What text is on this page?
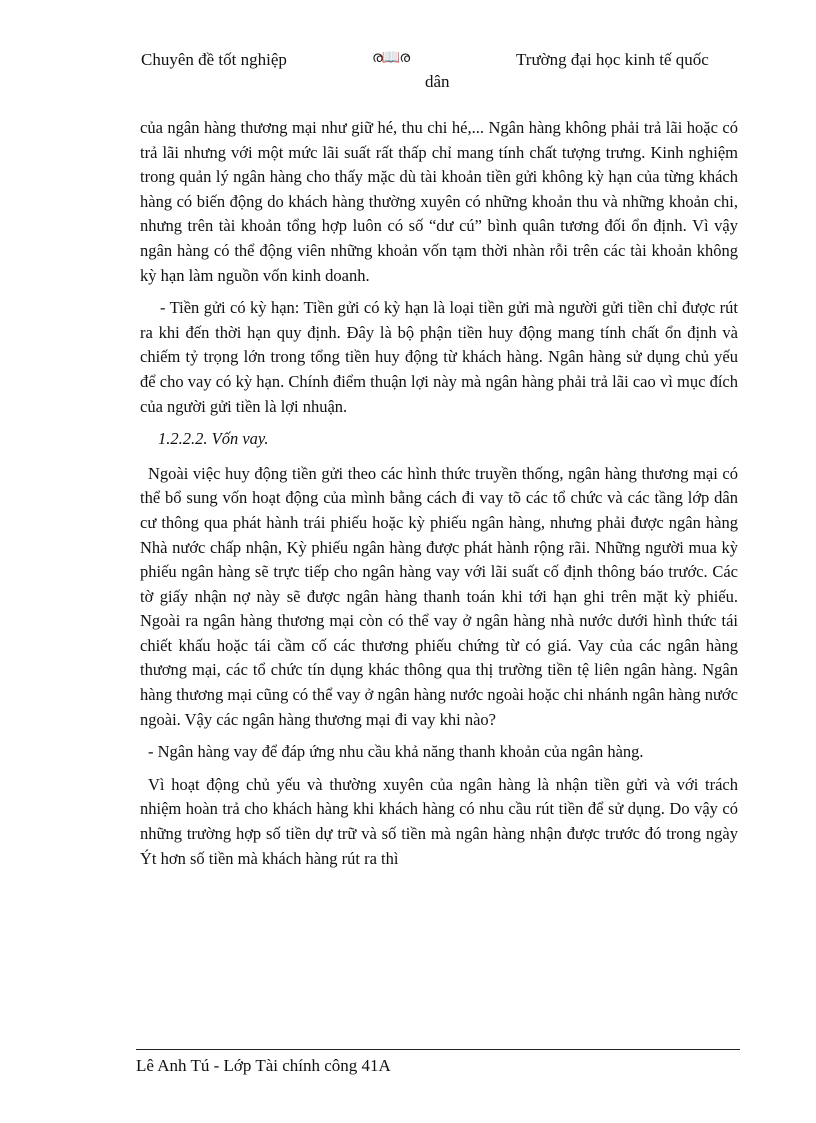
Chuyên đề tốt nghiệp	ര📖ര	Trường đại học kinh tế quốc
dân

của ngân hàng thương mại như giữ hé, thu chi hé,... Ngân hàng không phải trả lãi hoặc có trả lãi nhưng với một mức lãi suất rất thấp chỉ mang tính chất tượng trưng. Kinh nghiệm trong quản lý ngân hàng cho thấy mặc dù tài khoản tiền gửi không kỳ hạn của từng khách hàng có biến động do khách hàng thường xuyên có những khoản thu và những khoản chi, nhưng trên tài khoản tổng hợp luôn có số “dư cú” bình quân tương đối ổn định. Vì vậy ngân hàng có thể động viên những khoản vốn tạm thời nhàn rỗi trên các tài khoản không kỳ hạn làm nguồn vốn kinh doanh.

- Tiền gửi có kỳ hạn: Tiền gửi có kỳ hạn là loại tiền gửi mà người gửi tiền chỉ được rút ra khi đến thời hạn quy định. Đây là bộ phận tiền huy động mang tính chất ổn định và chiếm tỷ trọng lớn trong tổng tiền huy động từ khách hàng. Ngân hàng sử dụng chủ yếu để cho vay có kỳ hạn. Chính điểm thuận lợi này mà ngân hàng phải trả lãi cao vì mục đích của người gửi tiền là lợi nhuận.

1.2.2.2. Vốn vay.

Ngoài việc huy động tiền gửi theo các hình thức truyền thống, ngân hàng thương mại có thể bổ sung vốn hoạt động của mình bằng cách đi vay tõ các tổ chức và các tầng lớp dân cư thông qua phát hành trái phiếu hoặc kỳ phiếu ngân hàng, nhưng phải được ngân hàng Nhà nước chấp nhận, Kỳ phiếu ngân hàng được phát hành rộng rãi. Những người mua kỳ phiếu ngân hàng sẽ trực tiếp cho ngân hàng vay với lãi suất cố định thông báo trước. Các tờ giấy nhận nợ này sẽ được ngân hàng thanh toán khi tới hạn ghi trên mặt kỳ phiếu. Ngoài ra ngân hàng thương mại còn có thể vay ở ngân hàng nhà nước dưới hình thức tái chiết khấu hoặc tái cầm cố các thương phiếu chứng từ có giá. Vay của các ngân hàng thương mại, các tổ chức tín dụng khác thông qua thị trường tiền tệ liên ngân hàng. Ngân hàng thương mại cũng có thể vay ở ngân hàng nước ngoài hoặc chi nhánh ngân hàng nước ngoài. Vậy các ngân hàng thương mại đi vay khi nào?

- Ngân hàng vay để đáp ứng nhu cầu khả năng thanh khoản của ngân hàng.

Vì hoạt động chủ yếu và thường xuyên của ngân hàng là nhận tiền gửi và với trách nhiệm hoàn trả cho khách hàng khi khách hàng có nhu cầu rút tiền để sử dụng. Do vậy có những trường hợp số tiền dự trữ và số tiền mà ngân hàng nhận được trước đó trong ngày Ýt hơn số tiền mà khách hàng rút ra thì

Lê Anh Tú - Lớp Tài chính công 41A
